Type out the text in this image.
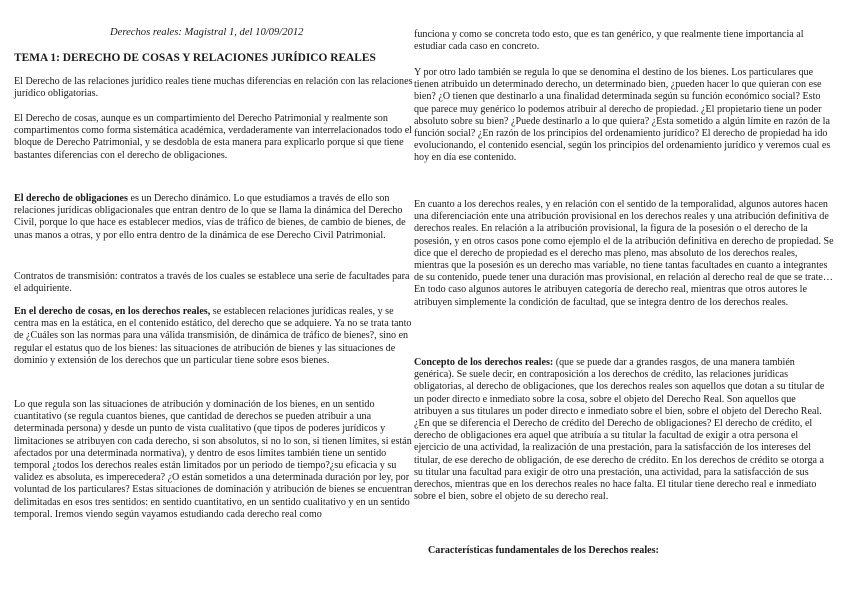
Derechos reales: Magistral 1, del 10/09/2012
TEMA 1: DERECHO DE COSAS Y RELACIONES JURÍDICO REALES

El Derecho de las relaciones jurídico reales tiene muchas diferencias en relación con las relaciones jurídico obligatorias.

El Derecho de cosas, aunque es un compartimiento del Derecho Patrimonial y realmente son compartimentos como forma sistemática académica, verdaderamente van interrelacionados todo el bloque de Derecho Patrimonial, y se desdobla de esta manera para explicarlo porque si que tiene bastantes diferencias con el derecho de obligaciones.

El derecho de obligaciones es un Derecho dinámico. Lo que estudiamos a través de ello son relaciones jurídicas obligacionales que entran dentro de lo que se llama la dinámica del Derecho Civil, porque lo que hace es establecer medios, vías de tráfico de bienes, de cambio de bienes, de unas manos a otras, y por ello entra dentro de la dinámica de ese Derecho Civil Patrimonial.

Contratos de transmisión: contratos a través de los cuales se establece una serie de facultades para el adquiriente.

En el derecho de cosas, en los derechos reales, se establecen relaciones jurídicas reales, y se centra mas en la estática, en el contenido estático, del derecho que se adquiere. Ya no se trata tanto de ¿Cuáles son las normas para una válida transmisión, de dinámica de tráfico de bienes?, sino en regular el estatus quo de los bienes: las situaciones de atribución de bienes y las situaciones de dominio y extensión de los derechos que un particular tiene sobre esos bienes.

Lo que regula son las situaciones de atribución y dominación de los bienes, en un sentido cuantitativo (se regula cuantos bienes, que cantidad de derechos se pueden atribuir a una determinada persona) y desde un punto de vista cualitativo (que tipos de poderes jurídicos y limitaciones se atribuyen con cada derecho, si son absolutos, si no lo son, si tienen límites, si están afectados por una determinada normativa), y dentro de esos límites también tiene un sentido temporal ¿todos los derechos reales están limitados por un periodo de tiempo?¿su eficacia y su validez es absoluta, es imperecedera? ¿O están sometidos a una determinada duración por ley, por voluntad de los particulares? Estas situaciones de dominación y atribución de bienes se encuentran delimitadas en esos tres sentidos: en sentido cuantitativo, en un sentido cualitativo y en un sentido temporal. Iremos viendo según vayamos estudiando cada derecho real como

funciona y como se concreta todo esto, que es tan genérico, y que realmente tiene importancia al estudiar cada caso en concreto.

Y por otro lado también se regula lo que se denomina el destino de los bienes. Los particulares que tienen atribuido un determinado derecho, un determinado bien, ¿pueden hacer lo que quieran con ese bien? ¿O tienen que destinarlo a una finalidad determinada según su función económico social? Esto que parece muy genérico lo podemos atribuir al derecho de propiedad. ¿El propietario tiene un poder absoluto sobre su bien? ¿Puede destinarlo a lo que quiera? ¿Esta sometido a algún límite en razón de la función social? ¿En razón de los principios del ordenamiento jurídico? El derecho de propiedad ha ido evolucionando, el contenido esencial, según los principios del ordenamiento jurídico y veremos cual es hoy en día ese contenido.

En cuanto a los derechos reales, y en relación con el sentido de la temporalidad, algunos autores hacen una diferenciación ente una atribución provisional en los derechos reales y una atribución definitiva de derechos reales. En relación a la atribución provisional, la figura de la posesión o el derecho de la posesión, y en otros casos pone como ejemplo el de la atribución definitiva en derecho de propiedad. Se dice que el derecho de propiedad es el derecho mas pleno, mas absoluto de los derechos reales, mientras que la posesión es un derecho mas variable, no tiene tantas facultades en cuanto a integrantes de su contenido, puede tener una duración mas provisional, en relación al derecho real de que se trate… En todo caso algunos autores le atribuyen categoría de derecho real, mientras que otros autores le atribuyen simplemente la condición de facultad, que se integra dentro de los derechos reales.

Concepto de los derechos reales: (que se puede dar a grandes rasgos, de una manera también genérica). Se suele decir, en contraposición a los derechos de crédito, las relaciones jurídicas obligatorias, al derecho de obligaciones, que los derechos reales son aquellos que dotan a su titular de un poder directo e inmediato sobre la cosa, sobre el objeto del Derecho Real. Son aquellos que atribuyen a sus titulares un poder directo e inmediato sobre el bien, sobre el objeto del Derecho Real. ¿En que se diferencia el Derecho de crédito del Derecho de obligaciones? El derecho de crédito, el derecho de obligaciones era aquel que atribuía a su titular la facultad de exigir a otra persona el ejercicio de una actividad, la realización de una prestación, para la satisfacción de los intereses del titular, de ese derecho de obligación, de ese derecho de crédito. En los derechos de crédito se otorga a su titular una facultad para exigir de otro una prestación, una actividad, para la satisfacción de sus derechos, mientras que en los derechos reales no hace falta. El titular tiene derecho real e inmediato sobre el bien, sobre el objeto de su derecho real.

Características fundamentales de los Derechos reales:
